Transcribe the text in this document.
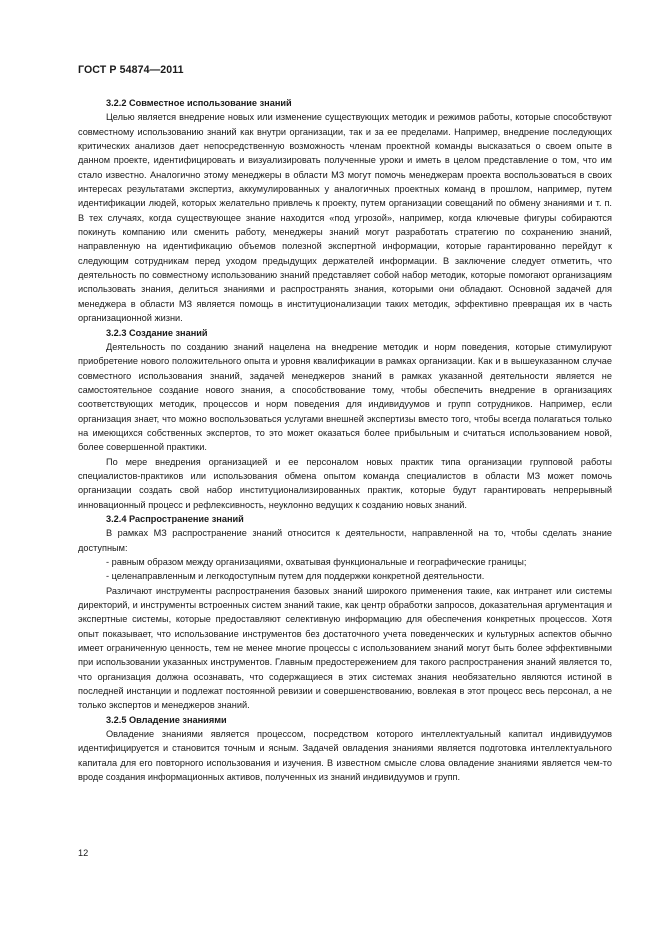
ГОСТ Р 54874—2011
3.2.2 Совместное использование знаний

Целью является внедрение новых или изменение существующих методик и режимов работы, которые способствуют совместному использованию знаний как внутри организации, так и за ее пределами. Например, внедрение последующих критических анализов дает непосредственную возможность членам проектной команды высказаться о своем опыте в данном проекте, идентифицировать и визуализировать полученные уроки и иметь в целом представление о том, что им стало известно. Аналогично этому менеджеры в области МЗ могут помочь менеджерам проекта воспользоваться в своих интересах результатами экспертиз, аккумулированных у аналогичных проектных команд в прошлом, например, путем идентификации людей, которых желательно привлечь к проекту, путем организации совещаний по обмену знаниями и т. п. В тех случаях, когда существующее знание находится «под угрозой», например, когда ключевые фигуры собираются покинуть компанию или сменить работу, менеджеры знаний могут разработать стратегию по сохранению знаний, направленную на идентификацию объемов полезной экспертной информации, которые гарантированно перейдут к следующим сотрудникам перед уходом предыдущих держателей информации. В заключение следует отметить, что деятельность по совместному использованию знаний представляет собой набор методик, которые помогают организациям использовать знания, делиться знаниями и распространять знания, которыми они обладают. Основной задачей для менеджера в области МЗ является помощь в институционализации таких методик, эффективно превращая их в часть организационной жизни.

3.2.3 Создание знаний

Деятельность по созданию знаний нацелена на внедрение методик и норм поведения, которые стимулируют приобретение нового положительного опыта и уровня квалификации в рамках организации. Как и в вышеуказанном случае совместного использования знаний, задачей менеджеров знаний в рамках указанной деятельности является не самостоятельное создание нового знания, а способствование тому, чтобы обеспечить внедрение в организациях соответствующих методик, процессов и норм поведения для индивидуумов и групп сотрудников. Например, если организация знает, что можно воспользоваться услугами внешней экспертизы вместо того, чтобы всегда полагаться только на имеющихся собственных экспертов, то это может оказаться более прибыльным и считаться использованием новой, более совершенной практики.

По мере внедрения организацией и ее персоналом новых практик типа организации групповой работы специалистов-практиков или использования обмена опытом команда специалистов в области МЗ может помочь организации создать свой набор институционализированных практик, которые будут гарантировать непрерывный инновационный процесс и рефлексивность, неуклонно ведущих к созданию новых знаний.

3.2.4 Распространение знаний

В рамках МЗ распространение знаний относится к деятельности, направленной на то, чтобы сделать знание доступным:

- равным образом между организациями, охватывая функциональные и географические границы;

- целенаправленным и легкодоступным путем для поддержки конкретной деятельности.

Различают инструменты распространения базовых знаний широкого применения такие, как интранет или системы директорий, и инструменты встроенных систем знаний такие, как центр обработки запросов, доказательная аргументация и экспертные системы, которые предоставляют селективную информацию для обеспечения конкретных процессов. Хотя опыт показывает, что использование инструментов без достаточного учета поведенческих и культурных аспектов обычно имеет ограниченную ценность, тем не менее многие процессы с использованием знаний могут быть более эффективными при использовании указанных инструментов. Главным предостережением для такого распространения знаний является то, что организация должна осознавать, что содержащиеся в этих системах знания необязательно являются истиной в последней инстанции и подлежат постоянной ревизии и совершенствованию, вовлекая в этот процесс весь персонал, а не только экспертов и менеджеров знаний.

3.2.5 Овладение знаниями

Овладение знаниями является процессом, посредством которого интеллектуальный капитал индивидуумов идентифицируется и становится точным и ясным. Задачей овладения знаниями является подготовка интеллектуального капитала для его повторного использования и изучения. В известном смысле слова овладение знаниями является чем-то вроде создания информационных активов, полученных из знаний индивидуумов и групп.

12
